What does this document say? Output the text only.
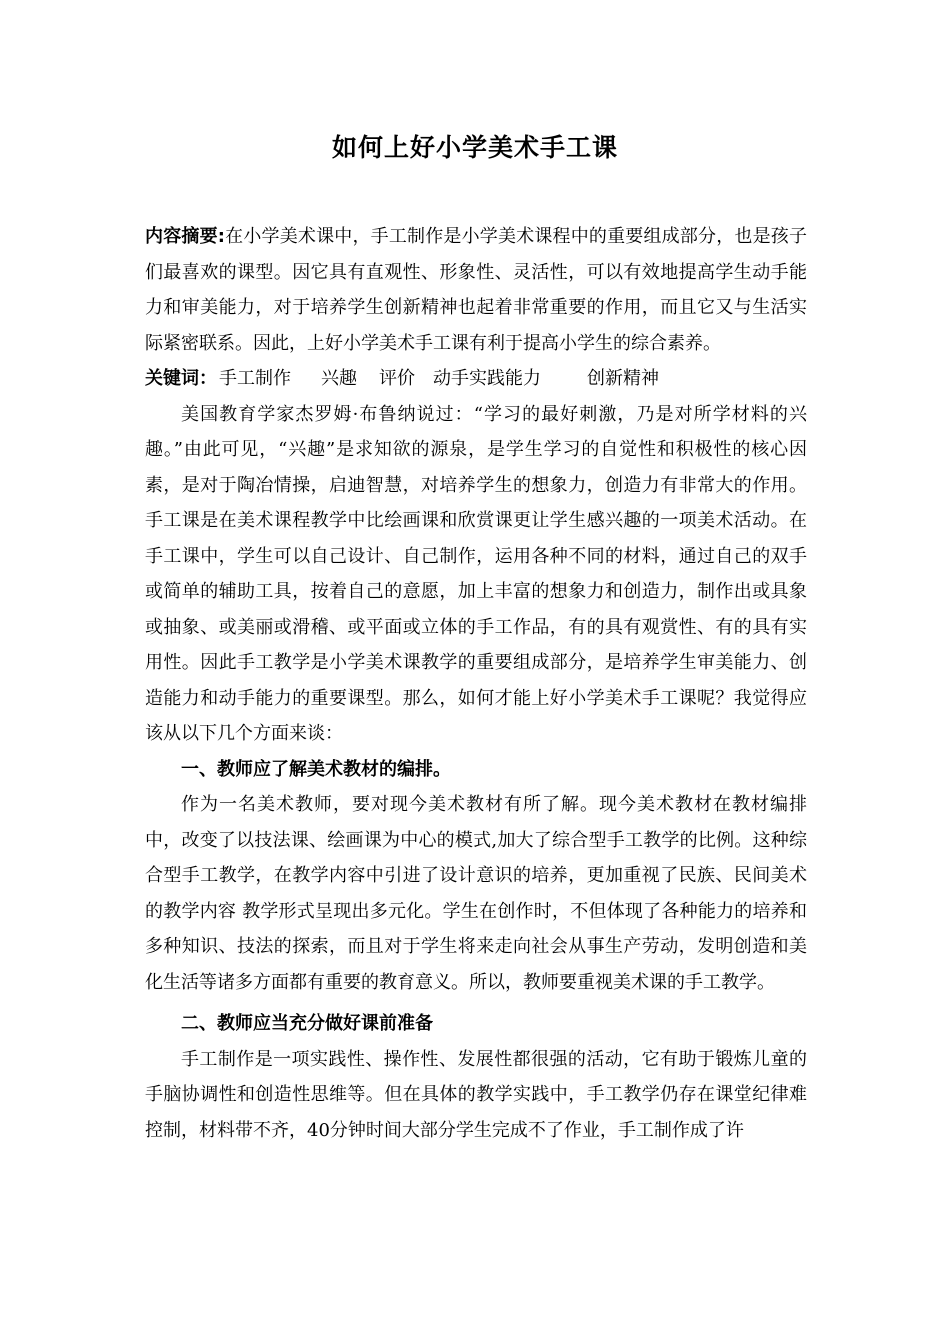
如何上好小学美术手工课

内容摘要:在小学美术课中，手工制作是小学美术课程中的重要组成部分，也是孩子们最喜欢的课型。因它具有直观性、形象性、灵活性，可以有效地提高学生动手能力和审美能力，对于培养学生创新精神也起着非常重要的作用，而且它又与生活实际紧密联系。因此，上好小学美术手工课有利于提高小学生的综合素养。

关键词： 手工制作 兴趣 评价 动手实践能力	创新精神

美国教育学家杰罗姆·布鲁纳说过：“学习的最好刺激，乃是对所学材料的兴趣。”由此可见，“兴趣”是求知欲的源泉，是学生学习的自觉性和积极性的核心因素，是对于陶冶情操，启迪智慧，对培养学生的想象力，创造力有非常大的作用。手工课是在美术课程教学中比绘画课和欣赏课更让学生感兴趣的一项美术活动。在手工课中，学生可以自己设计、自己制作，运用各种不同的材料，通过自己的双手或简单的辅助工具，按着自己的意愿，加上丰富的想象力和创造力，制作出或具象或抽象、或美丽或滑稽、或平面或立体的手工作品，有的具有观赏性、有的具有实用性。因此手工教学是小学美术课教学的重要组成部分，是培养学生审美能力、创造能力和动手能力的重要课型。那么，如何才能上好小学美术手工课呢？我觉得应该从以下几个方面来谈：

一、教师应了解美术教材的编排。

作为一名美术教师，要对现今美术教材有所了解。现今美术教材在教材编排中，改变了以技法课、绘画课为中心的模式,加大了综合型手工教学的比例。这种综合型手工教学，在教学内容中引进了设计意识的培养，更加重视了民族、民间美术的教学内容 教学形式呈现出多元化。学生在创作时，不但体现了各种能力的培养和多种知识、技法的探索，而且对于学生将来走向社会从事生产劳动，发明创造和美化生活等诸多方面都有重要的教育意义。所以，教师要重视美术课的手工教学。

二、教师应当充分做好课前准备

手工制作是一项实践性、操作性、发展性都很强的活动，它有助于锻炼儿童的手脑协调性和创造性思维等。但在具体的教学实践中，手工教学仍存在课堂纪律难控制，材料带不齐，40分钟时间大部分学生完成不了作业，手工制作成了许
